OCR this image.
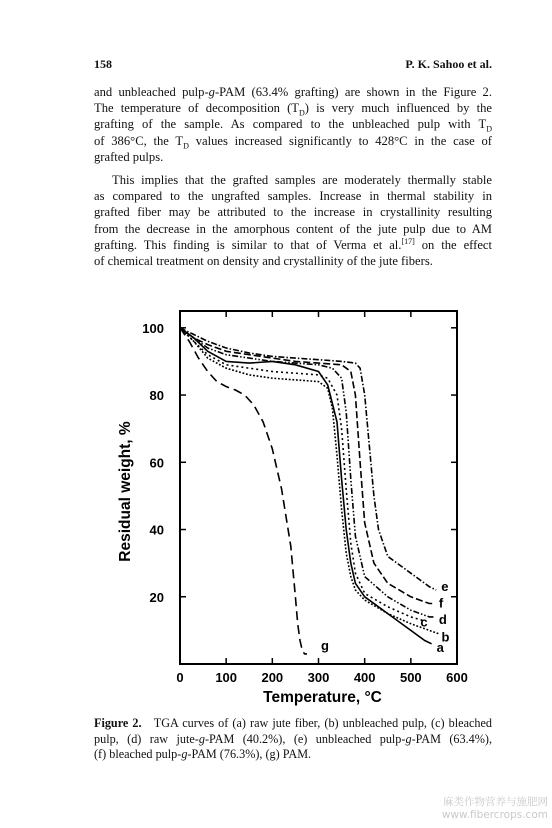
158	P. K. Sahoo et al.

and unbleached pulp-g-PAM (63.4% grafting) are shown in the Figure 2.
The temperature of decomposition $(T_D)$ is very much influenced by the
grafting of the sample. As compared to the unbleached pulp with $T_D$
of 386°C, the $T_D$ values increased significantly to 428°C in the case of
grafted pulps.

This implies that the grafted samples are moderately thermally stable
as compared to the ungrafted samples. Increase in thermal stability in
grafted fiber may be attributed to the increase in crystallinity resulting
from the decrease in the amorphous content of the jute pulp due to AM
grafting. This finding is similar to that of Verma et al.[17] on the effect
of chemical treatment on density and crystallinity of the jute fibers.

0 100 200 300 400 500 600
20
40
60
80
100
Temperature, °C
Residual weight, %
a
b
c d
e
f
g
Figure 2. TGA curves of (a) raw jute fiber, (b) unbleached pulp, (c) bleached
pulp, (d) raw jute-g-PAM (40.2%), (e) unbleached pulp-g-PAM (63.4%),
(f) bleached pulp-g-PAM (76.3%), (g) PAM.
麻类作物营养与施肥网
www.fibercrops.com
